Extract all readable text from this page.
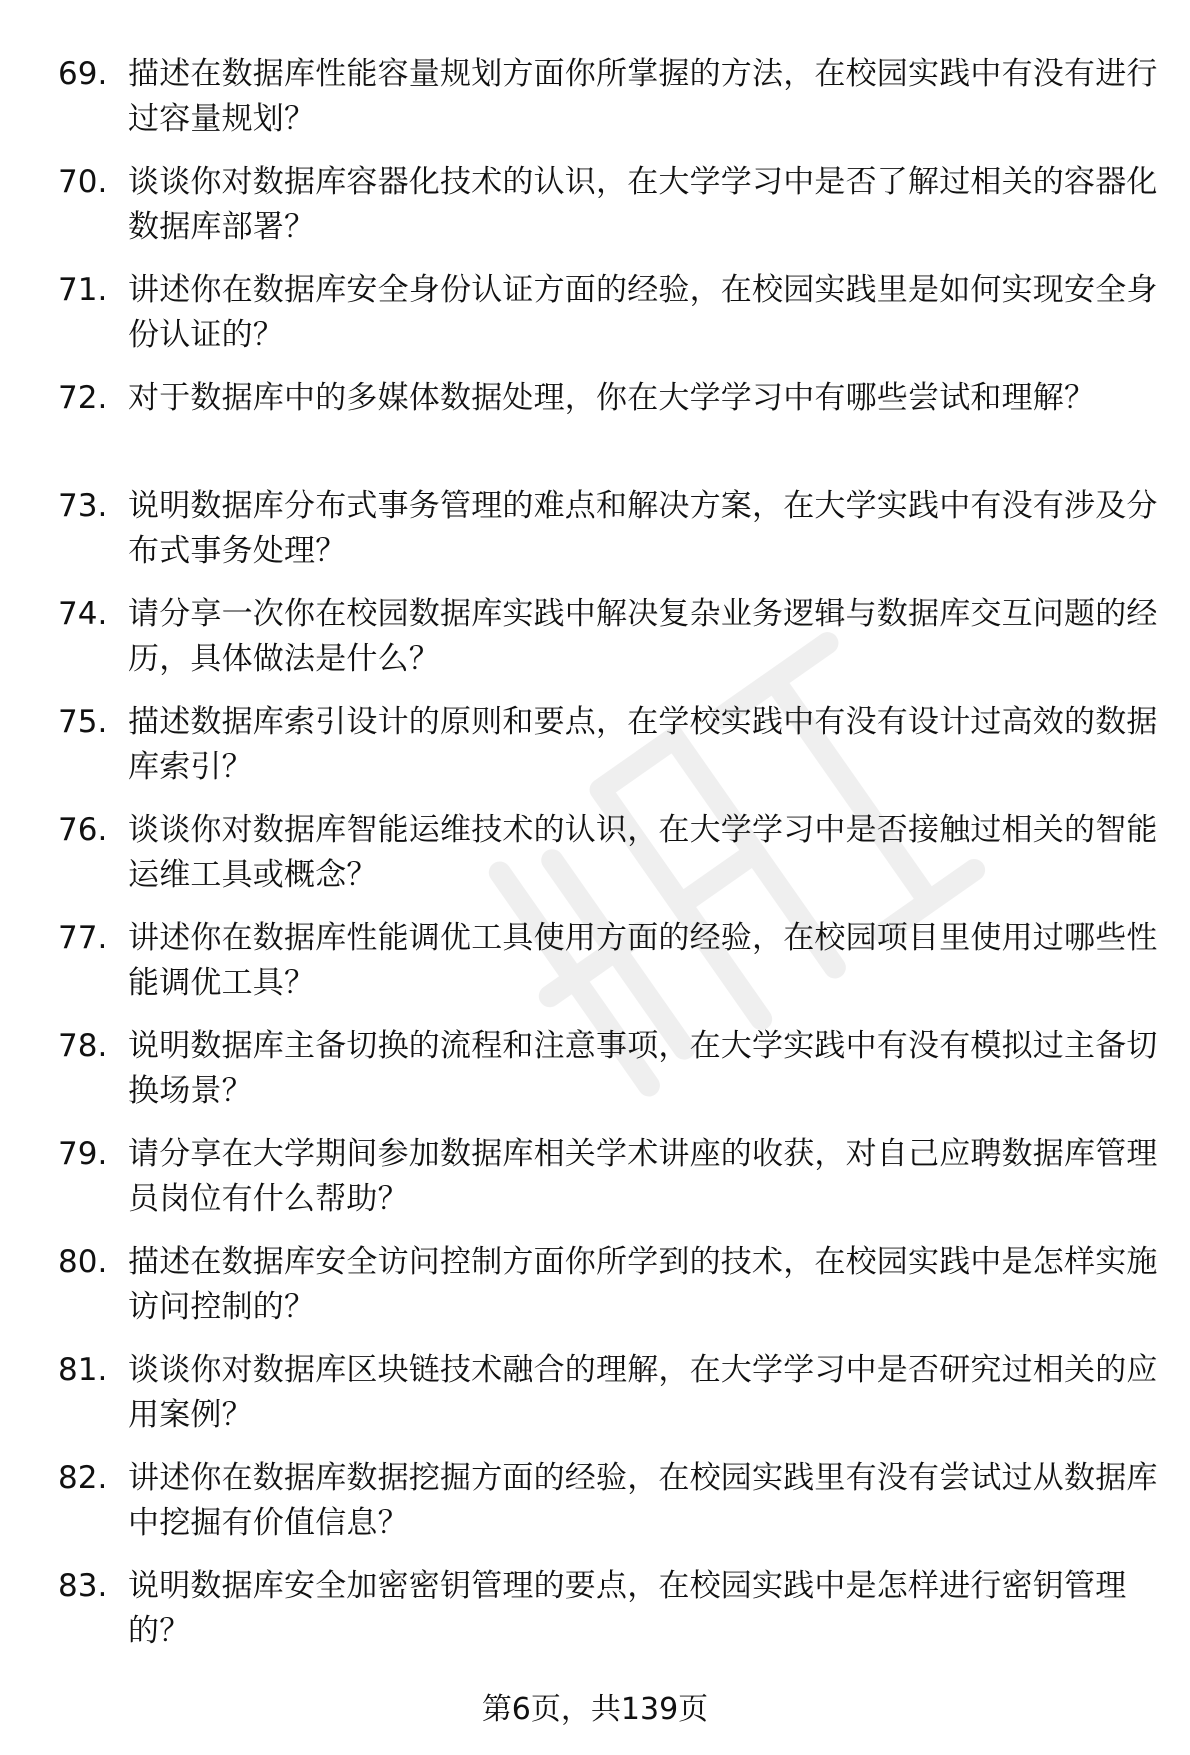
69. 描述在数据库性能容量规划方面你所掌握的方法，在校园实践中有没有进行过容量规划？
70. 谈谈你对数据库容器化技术的认识，在大学学习中是否了解过相关的容器化数据库部署？
71. 讲述你在数据库安全身份认证方面的经验，在校园实践里是如何实现安全身份认证的？
72. 对于数据库中的多媒体数据处理，你在大学学习中有哪些尝试和理解？
73. 说明数据库分布式事务管理的难点和解决方案，在大学实践中有没有涉及分布式事务处理？
74. 请分享一次你在校园数据库实践中解决复杂业务逻辑与数据库交互问题的经历，具体做法是什么？
75. 描述数据库索引设计的原则和要点，在学校实践中有没有设计过高效的数据库索引？
76. 谈谈你对数据库智能运维技术的认识，在大学学习中是否接触过相关的智能运维工具或概念？
77. 讲述你在数据库性能调优工具使用方面的经验，在校园项目里使用过哪些性能调优工具？
78. 说明数据库主备切换的流程和注意事项，在大学实践中有没有模拟过主备切换场景？
79. 请分享在大学期间参加数据库相关学术讲座的收获，对自己应聘数据库管理员岗位有什么帮助？
80. 描述在数据库安全访问控制方面你所学到的技术，在校园实践中是怎样实施访问控制的？
81. 谈谈你对数据库区块链技术融合的理解，在大学学习中是否研究过相关的应用案例？
82. 讲述你在数据库数据挖掘方面的经验，在校园实践里有没有尝试过从数据库中挖掘有价值信息？
83. 说明数据库安全加密密钥管理的要点，在校园实践中是怎样进行密钥管理的？
第6页，共139页
